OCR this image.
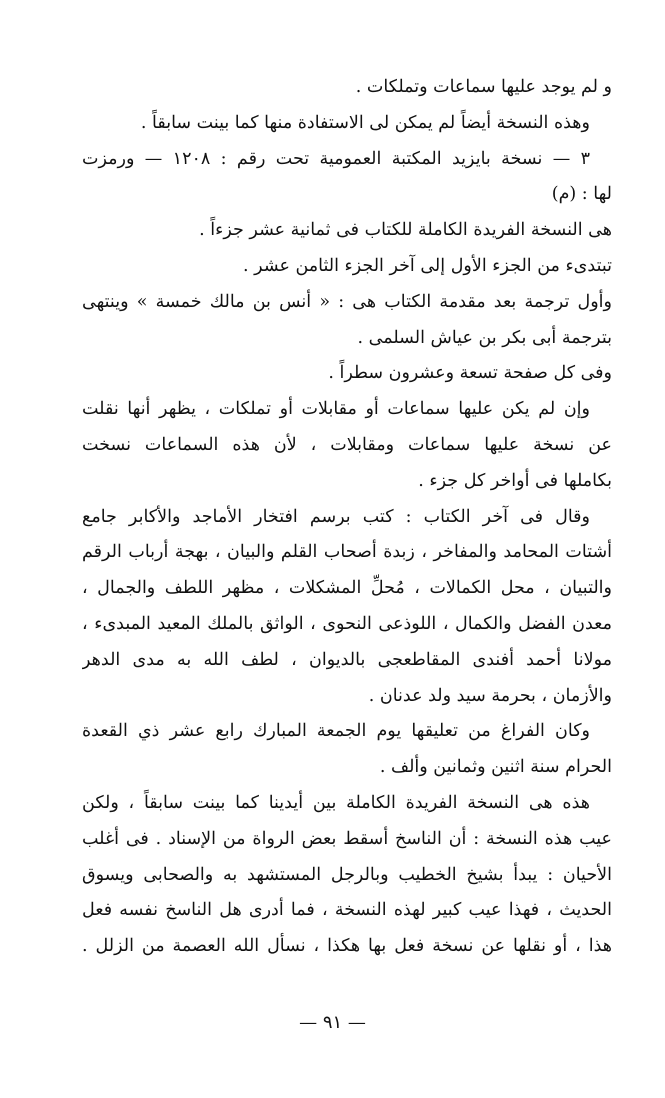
و لم يوجد عليها سماعات وتملكات .
وهذه النسخة أيضاً لم يمكن لى الاستفادة منها كما بينت سابقاً .
٣ — نسخة بايزيد المكتبة العمومية تحت رقم : ١٢٠٨ — ورمزت
لها : (م)
هى النسخة الفريدة الكاملة للكتاب فى ثمانية عشر جزءاً .
تبتدىء من الجزء الأول إلى آخر الجزء الثامن عشر .
وأول ترجمة بعد مقدمة الكتاب هى : « أنس بن مالك خمسة » وينتهى
بترجمة أبى بكر بن عياش السلمى .
وفى كل صفحة تسعة وعشرون سطراً .
وإن لم يكن عليها سماعات أو مقابلات أو تملكات ، يظهر أنها نقلت
عن نسخة عليها سماعات ومقابلات ، لأن هذه السماعات نسخت
بكاملها فى أواخر كل جزء .
وقال فى آخر الكتاب : كتب برسم افتخار الأماجد والأكابر جامع
أشتات المحامد والمفاخر ، زبدة أصحاب القلم والبيان ، بهجة أرباب الرقم
والتبيان ، محل الكمالات ، مُحلِّ المشكلات ، مظهر اللطف والجمال ،
معدن الفضل والكمال ، اللوذعى النحوى ، الواثق بالملك المعيد المبدىء ،
مولانا أحمد أفندى المقاطعجى بالديوان ، لطف الله به مدى الدهر
والأزمان ، بحرمة سيد ولد عدنان .
وكان الفراغ من تعليقها يوم الجمعة المبارك رابع عشر ذي القعدة
الحرام سنة اثنين وثمانين وألف .
هذه هى النسخة الفريدة الكاملة بين أيدينا كما بينت سابقاً ، ولكن
عيب هذه النسخة : أن الناسخ أسقط بعض الرواة من الإسناد . فى أغلب
الأحيان : يبدأ بشيخ الخطيب وبالرجل المستشهد به والصحابى ويسوق
الحديث ، فهذا عيب كبير لهذه النسخة ، فما أدرى هل الناسخ نفسه فعل
هذا ، أو نقلها عن نسخة فعل بها هكذا ، نسأل الله العصمة من الزلل .
— ٩١ —
